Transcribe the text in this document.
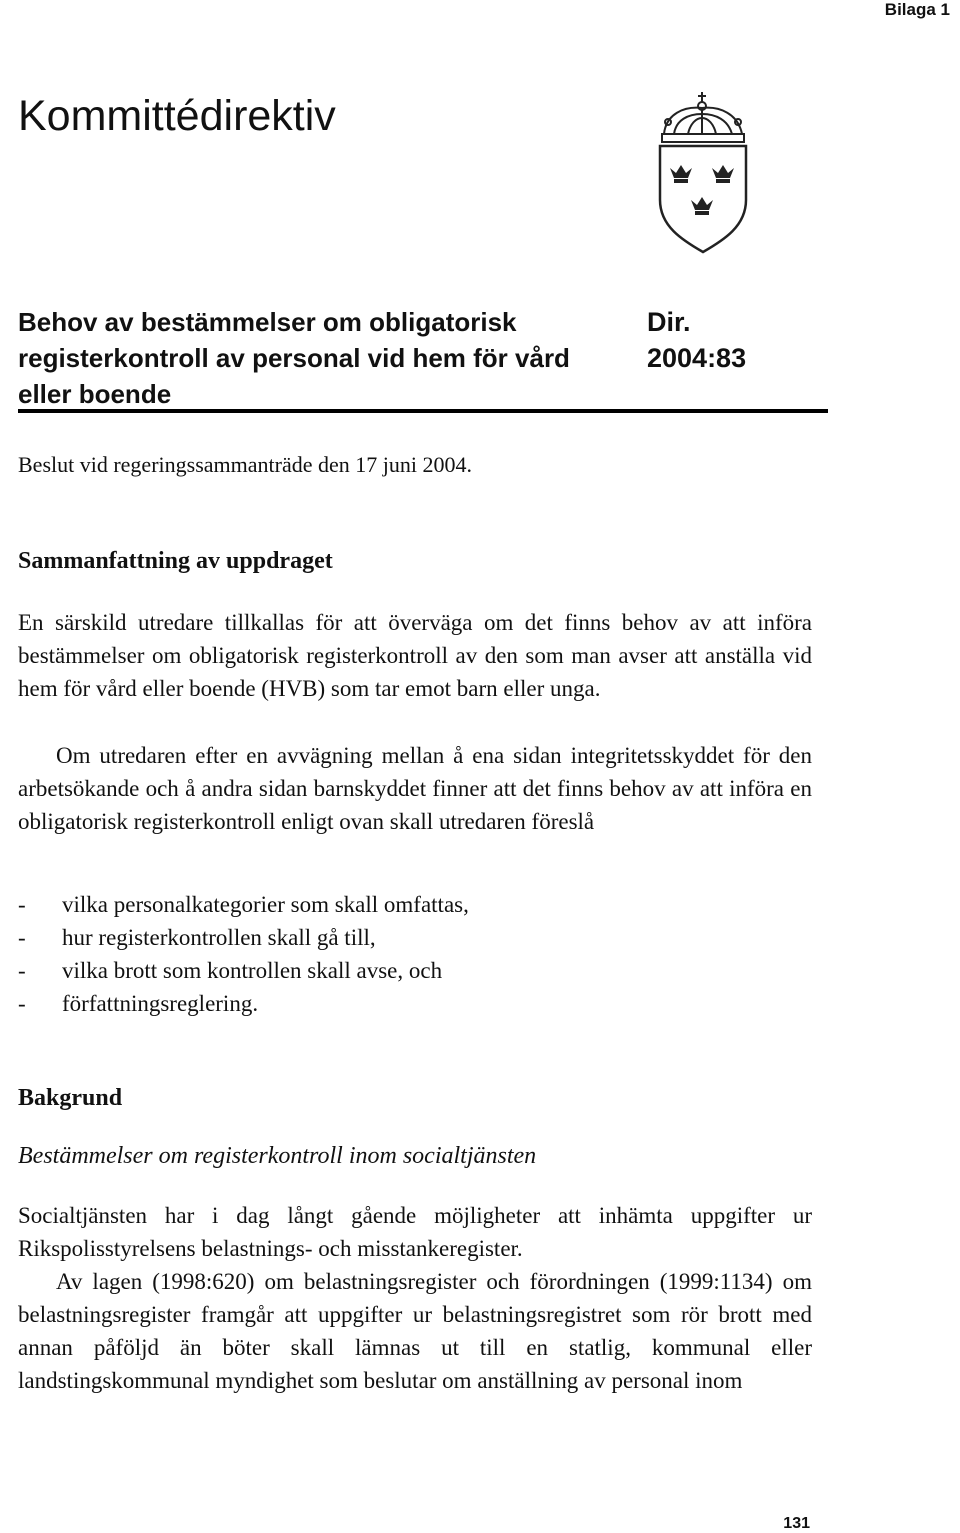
Bilaga 1
Kommittédirektiv
Behov av bestämmelser om obligatorisk registerkontroll av personal vid hem för vård eller boende
Dir.
2004:83

Beslut vid regeringssammanträde den 17 juni 2004.

Sammanfattning av uppdraget

En särskild utredare tillkallas för att överväga om det finns behov av att införa bestämmelser om obligatorisk registerkontroll av den som man avser att anställa vid hem för vård eller boende (HVB) som tar emot barn eller unga.

Om utredaren efter en avvägning mellan å ena sidan integritetsskyddet för den arbetsökande och å andra sidan barnskyddet finner att det finns behov av att införa en obligatorisk registerkontroll enligt ovan skall utredaren föreslå

-	vilka personalkategorier som skall omfattas,
-	hur registerkontrollen skall gå till,
-	vilka brott som kontrollen skall avse, och
-	författningsreglering.
Bakgrund
Bestämmelser om registerkontroll inom socialtjänsten

Socialtjänsten har i dag långt gående möjligheter att inhämta uppgifter ur Rikspolisstyrelsens belastnings- och misstankeregister.

Av lagen (1998:620) om belastningsregister och förordningen (1999:1134) om belastningsregister framgår att uppgifter ur belastningsregistret som rör brott med annan påföljd än böter skall lämnas ut till en statlig, kommunal eller landstingskommunal myndighet som beslutar om anställning av personal inom

131
